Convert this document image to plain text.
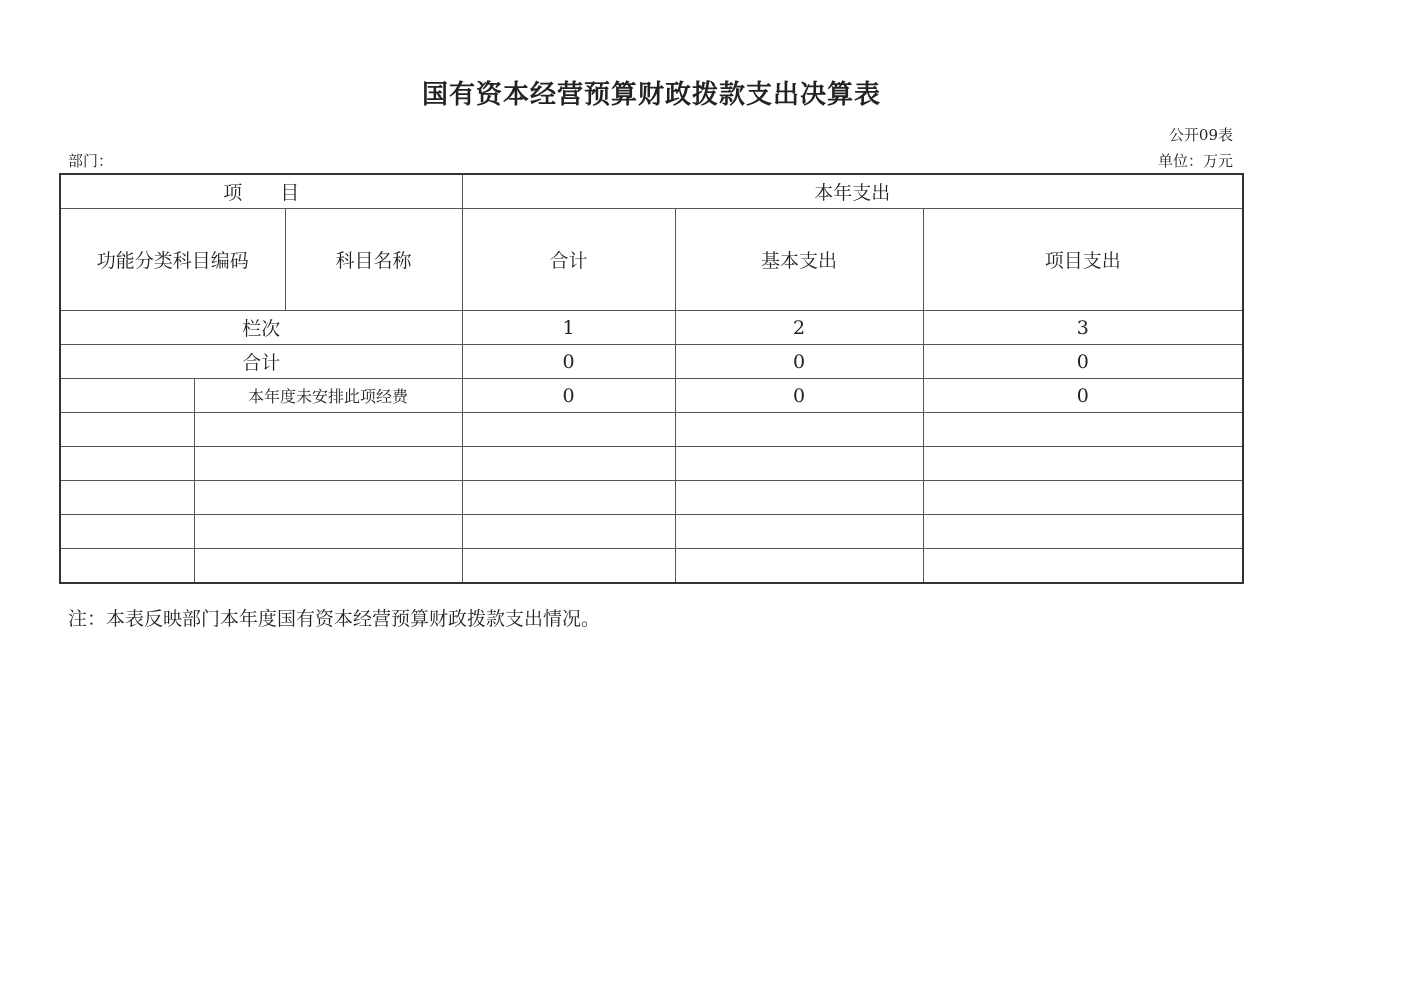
国有资本经营预算财政拨款支出决算表
公开09表
部门：	单位：万元
项　　目			本年支出		
功能分类科目编码		科目名称	合计	基本支出	项目支出
栏次			1	2	3
合计			0	0	0
	本年度未安排此项经费		0	0	0

注：本表反映部门本年度国有资本经营预算财政拨款支出情况。
